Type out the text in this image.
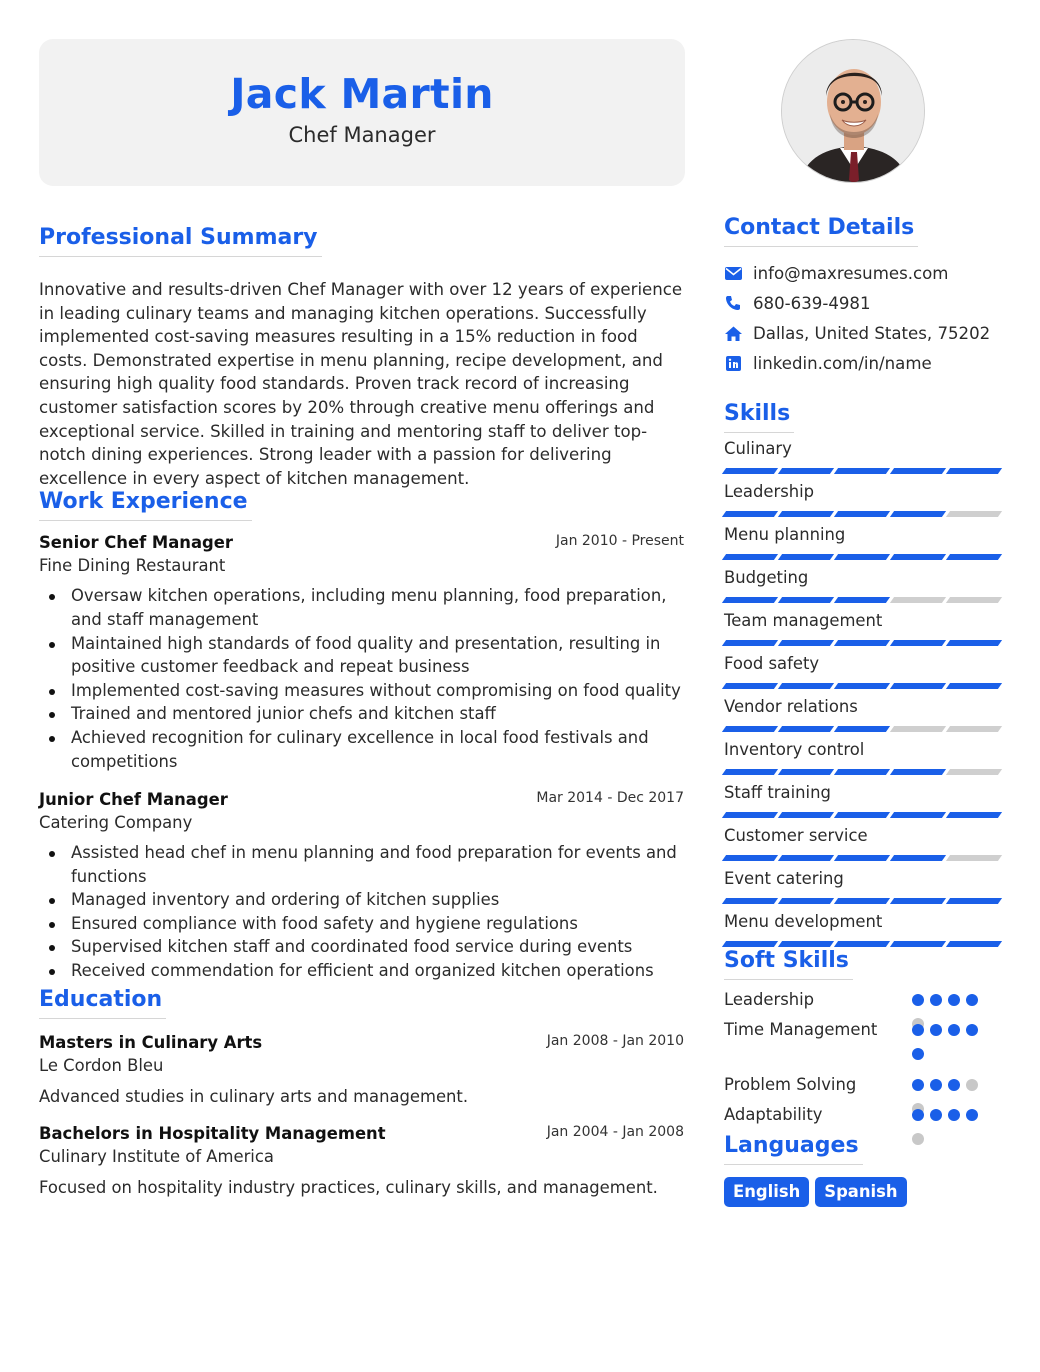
Jack Martin
Chef Manager
Professional Summary

Innovative and results-driven Chef Manager with over 12 years of experience in leading culinary teams and managing kitchen operations. Successfully implemented cost-saving measures resulting in a 15% reduction in food costs. Demonstrated expertise in menu planning, recipe development, and ensuring high quality food standards. Proven track record of increasing customer satisfaction scores by 20% through creative menu offerings and exceptional service. Skilled in training and mentoring staff to deliver top-notch dining experiences. Strong leader with a passion for delivering excellence in every aspect of kitchen management.

Work Experience
Senior Chef Manager	Jan 2010 - Present
Fine Dining Restaurant
Oversaw kitchen operations, including menu planning, food preparation, and staff management
Maintained high standards of food quality and presentation, resulting in positive customer feedback and repeat business
Implemented cost-saving measures without compromising on food quality
Trained and mentored junior chefs and kitchen staff
Achieved recognition for culinary excellence in local food festivals and competitions
Junior Chef Manager	Mar 2014 - Dec 2017
Catering Company
Assisted head chef in menu planning and food preparation for events and functions
Managed inventory and ordering of kitchen supplies
Ensured compliance with food safety and hygiene regulations
Supervised kitchen staff and coordinated food service during events
Received commendation for efficient and organized kitchen operations
Education
Masters in Culinary Arts	Jan 2008 - Jan 2010
Le Cordon Bleu
Advanced studies in culinary arts and management.
Bachelors in Hospitality Management	Jan 2004 - Jan 2008
Culinary Institute of America
Focused on hospitality industry practices, culinary skills, and management.
Contact Details
info@maxresumes.com
680-639-4981
Dallas, United States, 75202
linkedin.com/in/name
Skills
Culinary
Leadership
Menu planning
Budgeting
Team management
Food safety
Vendor relations
Inventory control
Staff training
Customer service
Event catering
Menu development
Soft Skills
Leadership
Time Management
Problem Solving
Adaptability
Languages
English	Spanish
